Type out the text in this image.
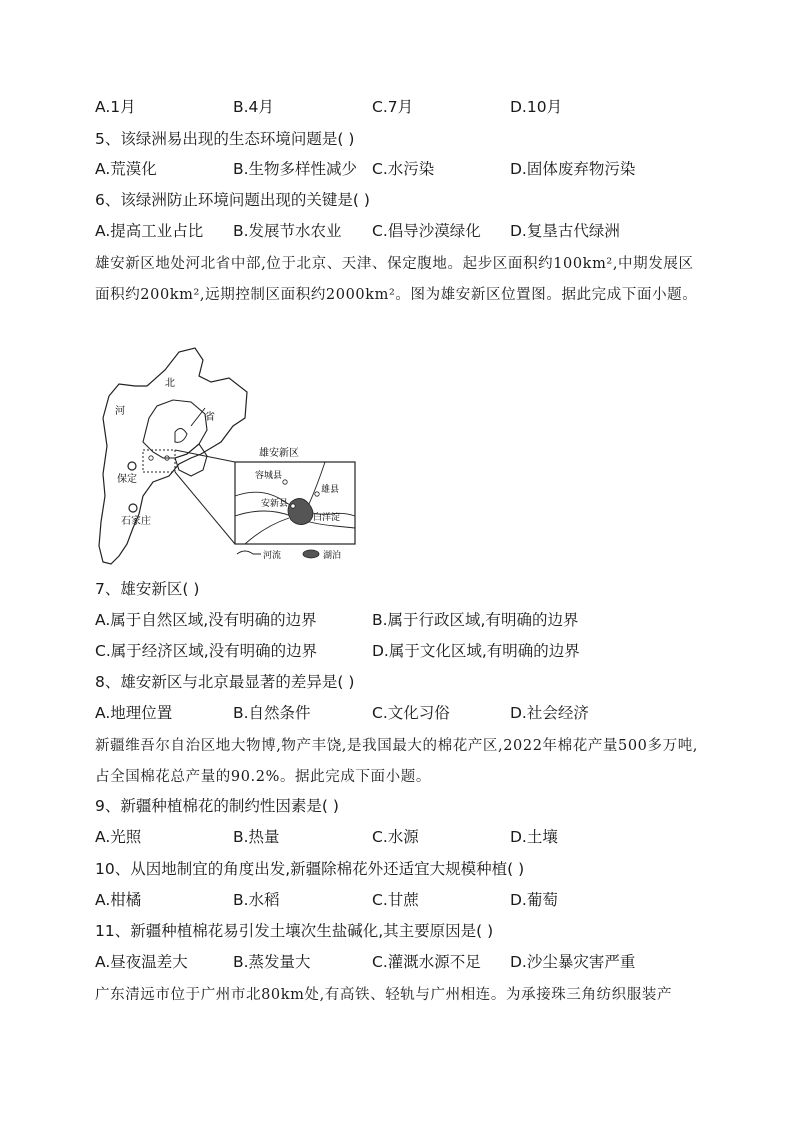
A.1月	B.4月	C.7月	D.10月
5、该绿洲易出现的生态环境问题是( )
A.荒漠化	B.生物多样性减少 C.水污染	D.固体废弃物污染
6、该绿洲防止环境问题出现的关键是( )
A.提高工业占比 B.发展节水农业 C.倡导沙漠绿化 D.复垦古代绿洲
雄安新区地处河北省中部,位于北京、天津、保定腹地。起步区面积约100km²,中期发展区面积约200km²,远期控制区面积约2000km²。图为雄安新区位置图。据此完成下面小题。
北
河
省
保定
石家庄
雄安新区
容城县
雄县
安新县
白洋淀
河流	湖泊
7、雄安新区( )
A.属于自然区域,没有明确的边界	B.属于行政区域,有明确的边界
C.属于经济区域,没有明确的边界	D.属于文化区域,有明确的边界
8、雄安新区与北京最显著的差异是( )
A.地理位置	B.自然条件	C.文化习俗	D.社会经济
新疆维吾尔自治区地大物博,物产丰饶,是我国最大的棉花产区,2022年棉花产量500多万吨,占全国棉花总产量的90.2%。据此完成下面小题。
9、新疆种植棉花的制约性因素是( )
A.光照	B.热量	C.水源	D.土壤
10、从因地制宜的角度出发,新疆除棉花外还适宜大规模种植( )
A.柑橘	B.水稻	C.甘蔗	D.葡萄
11、新疆种植棉花易引发土壤次生盐碱化,其主要原因是( )
A.昼夜温差大	B.蒸发量大	C.灌溉水源不足 D.沙尘暴灾害严重
广东清远市位于广州市北80km处,有高铁、轻轨与广州相连。为承接珠三角纺织服装产
